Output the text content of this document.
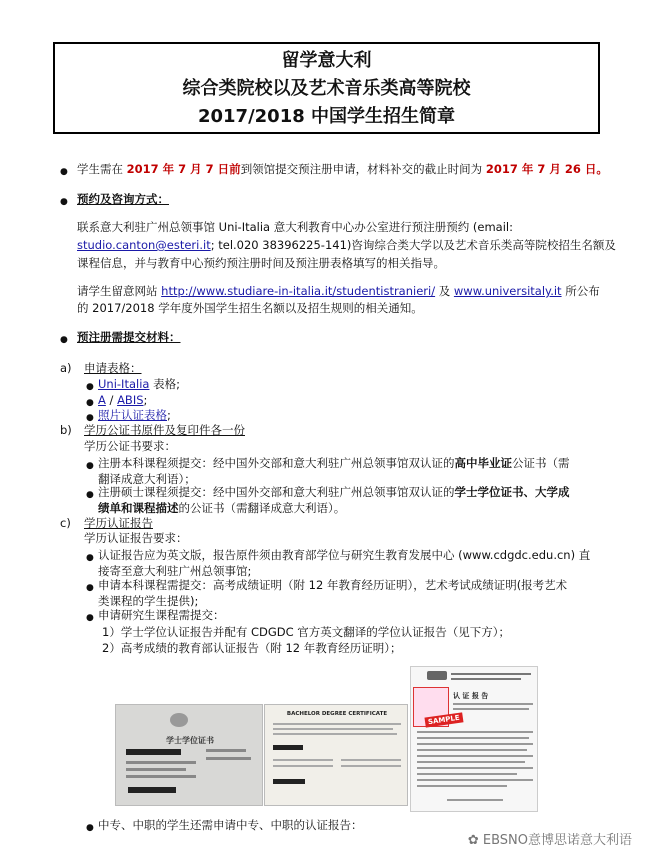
留学意大利
综合类院校以及艺术音乐类高等院校
2017/2018 中国学生招生简章
● 学生需在 2017 年 7 月 7 日前到领馆提交预注册申请，材料补交的截止时间为 2017 年 7 月 26 日。

● 预约及咨询方式：

联系意大利驻广州总领事馆 Uni-Italia 意大利教育中心办公室进行预注册预约 (email:

studio.canton@esteri.it; tel.020 38396225-141)咨询综合类大学以及艺术音乐类高等院校招生名额及

课程信息，并与教育中心预约预注册时间及预注册表格填写的相关指导。

请学生留意网站 http://www.studiare-in-italia.it/studentistranieri/ 及 www.universitaly.it 所公布

的 2017/2018 学年度外国学生招生名额以及招生规则的相关通知。

● 预注册需提交材料：

a) 申请表格：

● Uni-Italia 表格;

● A / ABIS;

● 照片认证表格;

b) 学历公证书原件及复印件各一份

学历公证书要求：

● 注册本科课程须提交：经中国外交部和意大利驻广州总领事馆双认证的高中毕业证公证书（需

翻译成意大利语）；

● 注册硕士课程须提交：经中国外交部和意大利驻广州总领事馆双认证的学士学位证书、大学成

绩单和课程描述的公证书（需翻译成意大利语）。

c) 学历认证报告

学历认证报告要求：

● 认证报告应为英文版，报告原件须由教育部学位与研究生教育发展中心 (www.cdgdc.edu.cn) 直

接寄至意大利驻广州总领事馆;

● 申请本科课程需提交：高考成绩证明（附 12 年教育经历证明），艺术考试成绩证明(报考艺术

类课程的学生提供);

● 申请研究生课程需提交：

1）学士学位认证报告并配有 CDGDC 官方英文翻译的学位认证报告（见下方）；

2）高考成绩的教育部认证报告（附 12 年教育经历证明）；

学士学位证书
BACHELOR DEGREE CERTIFICATE
认 证 报 告
SAMPLE
● 中专、中职的学生还需申请中专、中职的认证报告：

✿ EBSNO意博思诺意大利语
